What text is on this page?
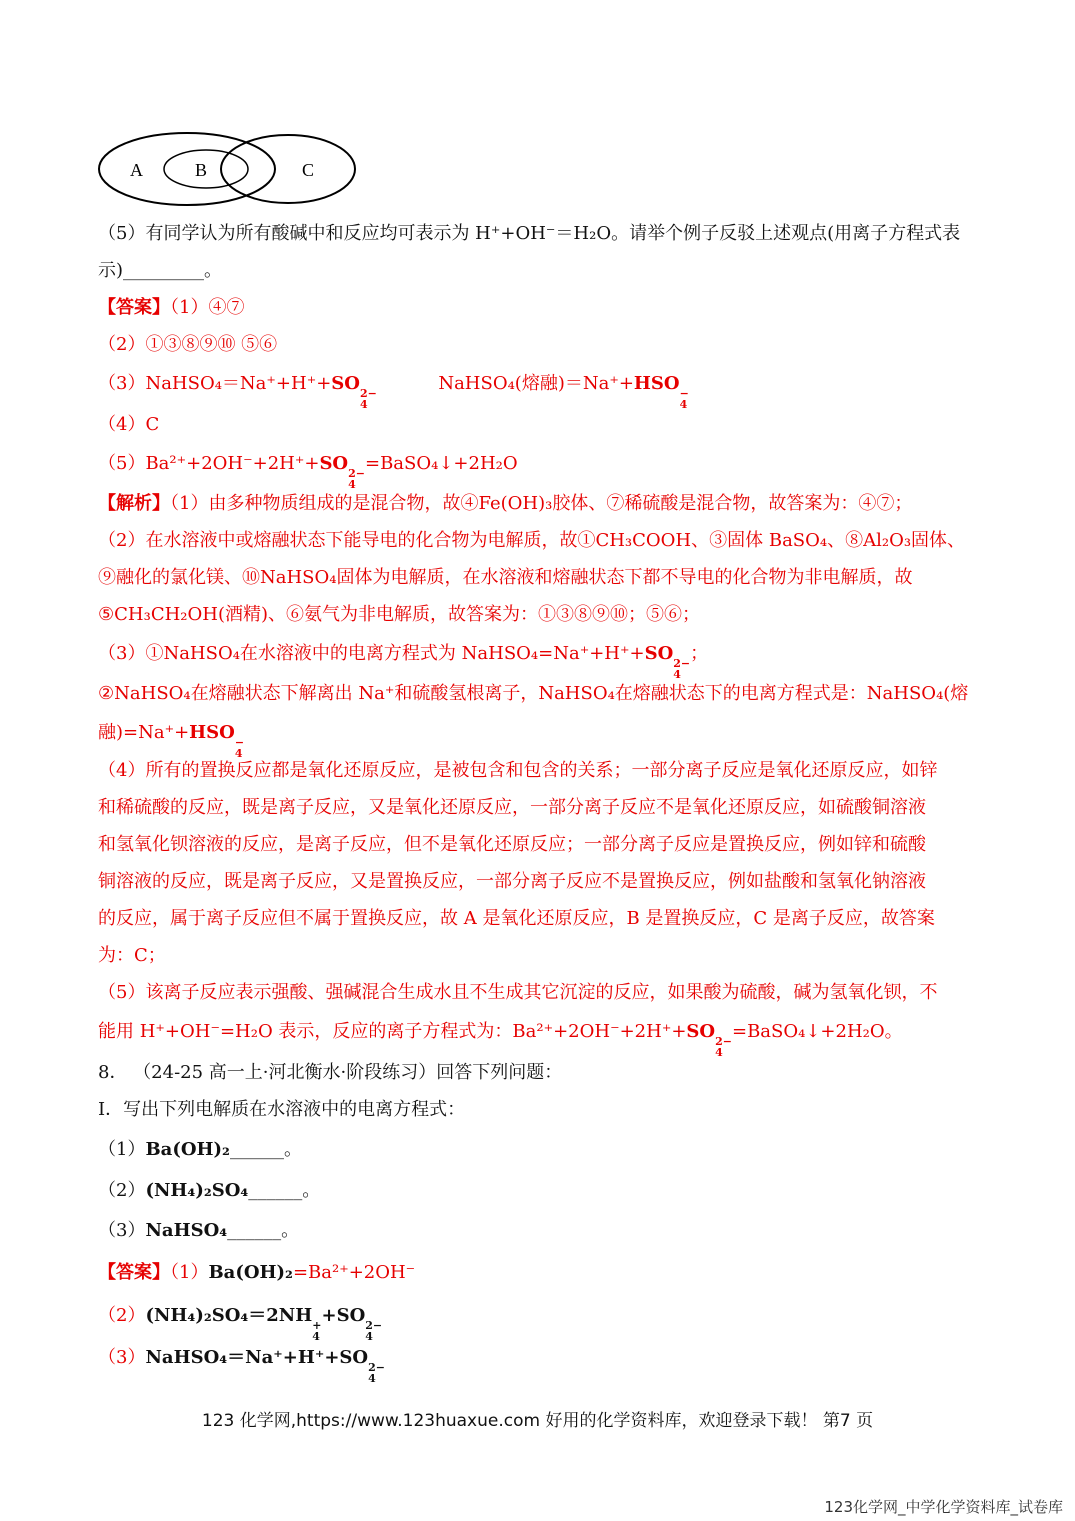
A	B	C
（5）有同学认为所有酸碱中和反应均可表示为 H⁺+OH⁻＝H₂O。请举个例子反驳上述观点(用离子方程式表
示)_________。
【答案】（1）④⑦
（2）①③⑧⑨⑩ ⑤⑥
（3）NaHSO₄＝Na⁺+H⁺+SO 2−
4
NaHSO₄(熔融)＝Na⁺+HSO −
4
（4）C
（5）Ba²⁺+2OH⁻+2H⁺+SO 2−
4
=BaSO₄↓+2H₂O
【解析】（1）由多种物质组成的是混合物，故④Fe(OH)₃胶体、⑦稀硫酸是混合物，故答案为：④⑦；
（2）在水溶液中或熔融状态下能导电的化合物为电解质，故①CH₃COOH、③固体 BaSO₄、⑧Al₂O₃固体、
⑨融化的氯化镁、⑩NaHSO₄固体为电解质，在水溶液和熔融状态下都不导电的化合物为非电解质，故
⑤CH₃CH₂OH(酒精)、⑥氨气为非电解质，故答案为：①③⑧⑨⑩；⑤⑥；
（3）①NaHSO₄在水溶液中的电离方程式为 NaHSO₄=Na⁺+H⁺+SO 2−
4
；
②NaHSO₄在熔融状态下解离出 Na⁺和硫酸氢根离子，NaHSO₄在熔融状态下的电离方程式是：NaHSO₄(熔
融)=Na⁺+HSO −
4
（4）所有的置换反应都是氧化还原反应，是被包含和包含的关系；一部分离子反应是氧化还原反应，如锌
和稀硫酸的反应，既是离子反应，又是氧化还原反应，一部分离子反应不是氧化还原反应，如硫酸铜溶液
和氢氧化钡溶液的反应，是离子反应，但不是氧化还原反应；一部分离子反应是置换反应，例如锌和硫酸
铜溶液的反应，既是离子反应，又是置换反应，一部分离子反应不是置换反应，例如盐酸和氢氧化钠溶液
的反应，属于离子反应但不属于置换反应，故 A 是氧化还原反应，B 是置换反应，C 是离子反应，故答案
为：C；
（5）该离子反应表示强酸、强碱混合生成水且不生成其它沉淀的反应，如果酸为硫酸，碱为氢氧化钡，不
能用 H⁺+OH⁻=H₂O 表示，反应的离子方程式为：Ba²⁺+2OH⁻+2H⁺+SO 2−
4
=BaSO₄↓+2H₂O。
8． （24-25 高一上·河北衡水·阶段练习）回答下列问题：
I．写出下列电解质在水溶液中的电离方程式：
（1）Ba(OH)₂______。
（2）(NH₄)₂SO₄______。
（3）NaHSO₄______。
【答案】（1）Ba(OH)₂=Ba²⁺+2OH⁻
（2）(NH₄)₂SO₄＝2NH +
4
+SO 2−
4
（3）NaHSO₄＝Na⁺+H⁺+SO 2−
4
123 化学网,https://www.123huaxue.com 好用的化学资料库，欢迎登录下载！ 第7 页
123化学网_中学化学资料库_试卷库
